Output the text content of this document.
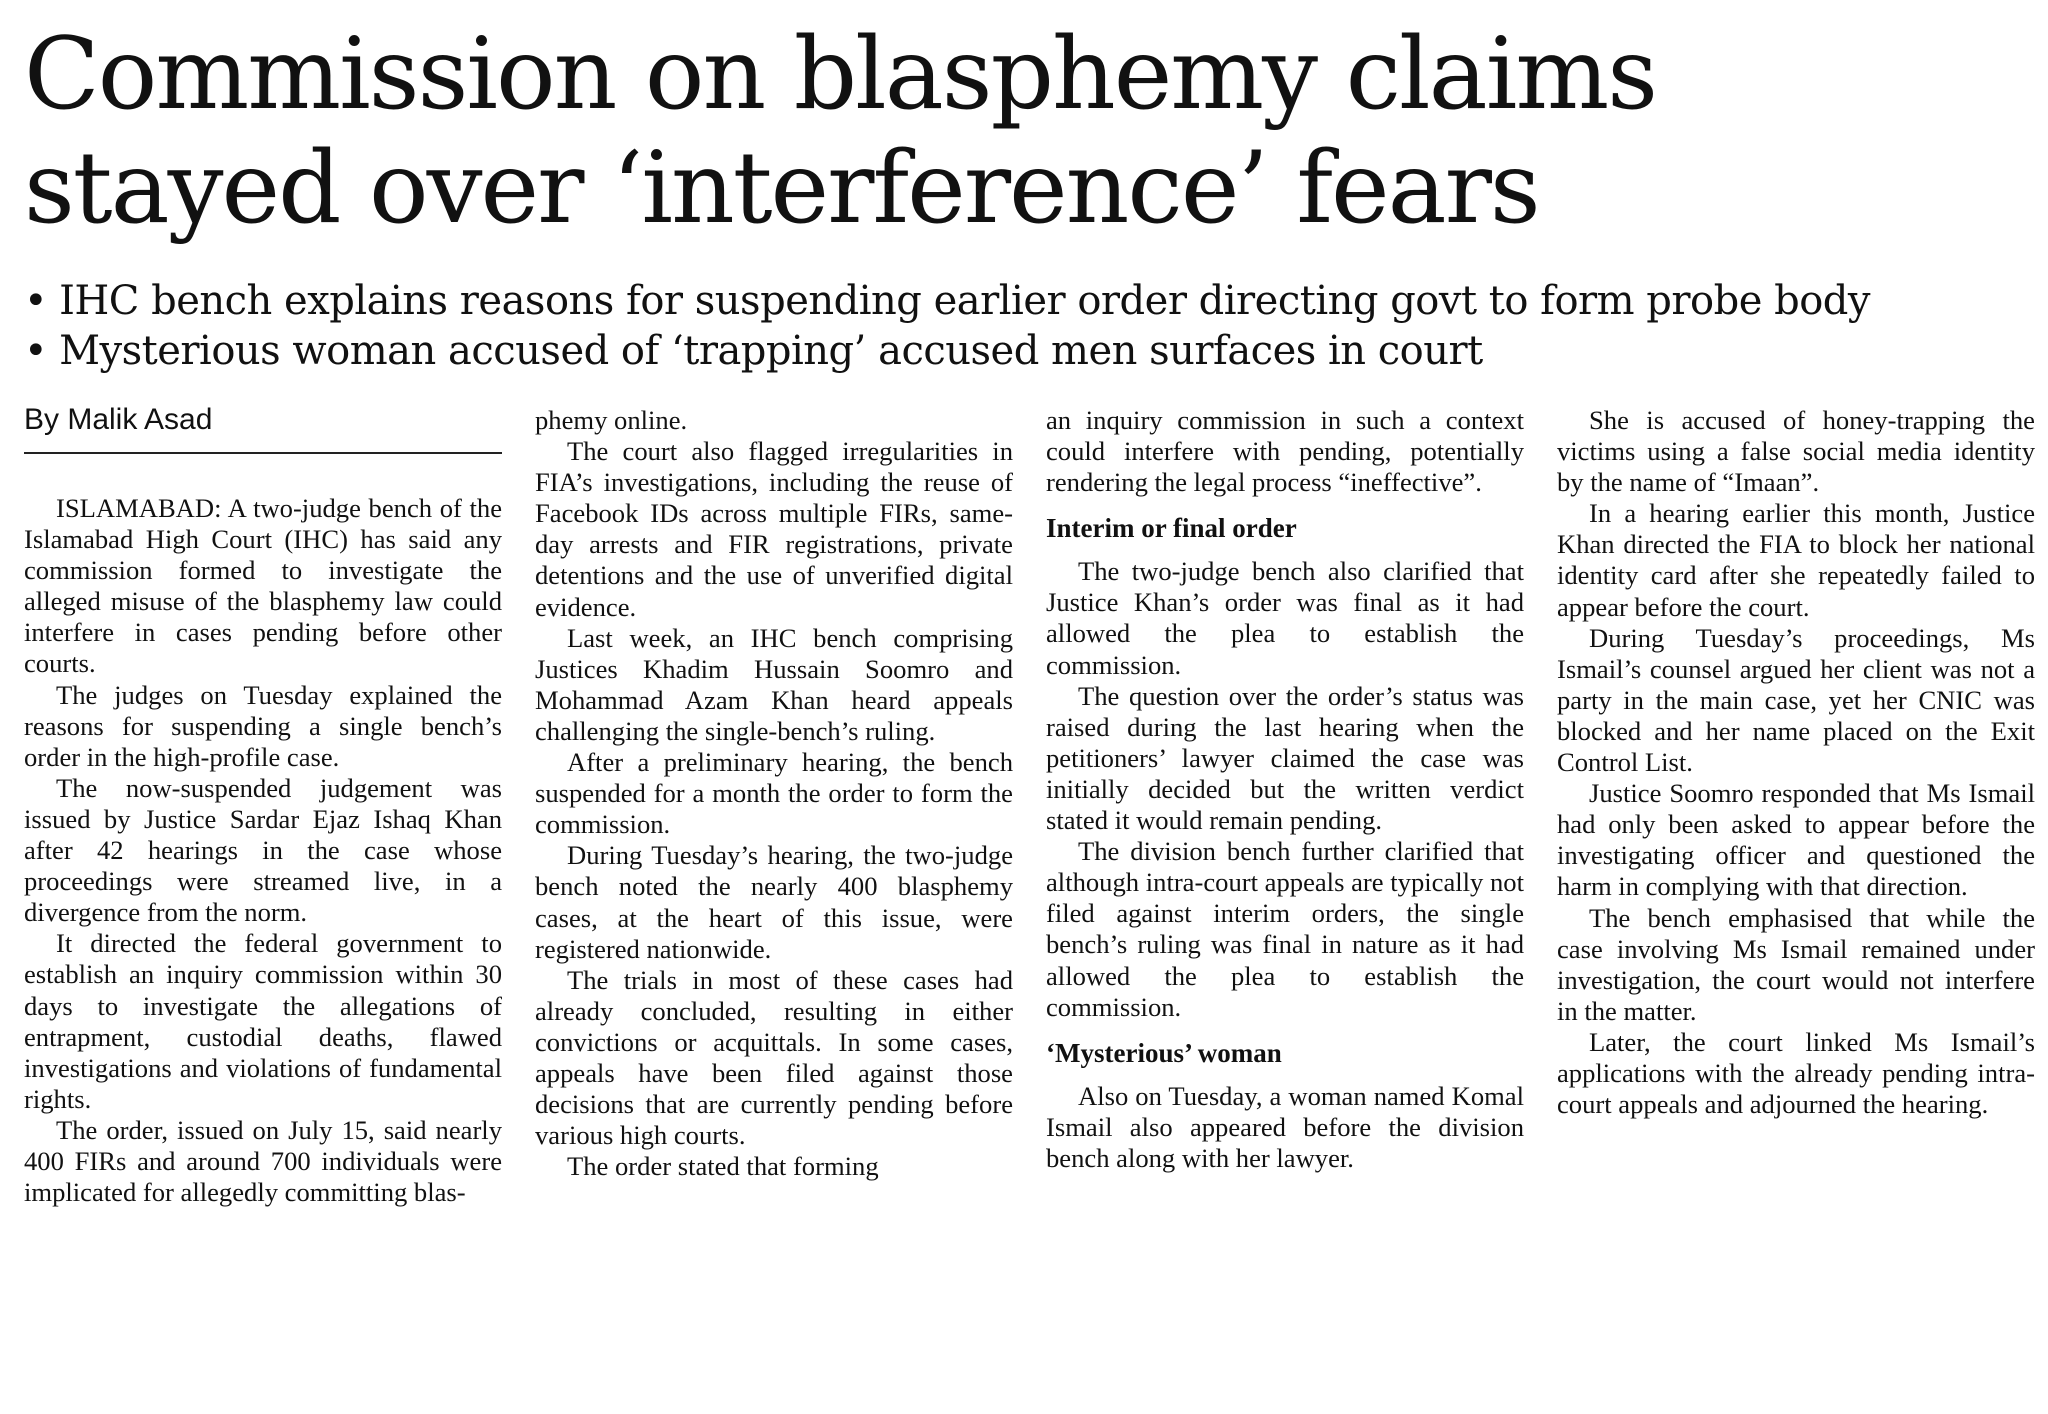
Commission on blasphemy claims
stayed over ‘interference’ fears
• IHC bench explains reasons for suspending earlier order directing govt to form probe body
• Mysterious woman accused of ‘trapping’ accused men surfaces in court
By Malik Asad

ISLAMABAD: A two-judge bench of the Islamabad High Court (IHC) has said any commission formed to investigate the alleged misuse of the blasphemy law could interfere in cases pending before other courts.

The judges on Tuesday explained the reasons for suspending a single bench’s order in the high-profile case.

The now-suspended judgement was issued by Justice Sardar Ejaz Ishaq Khan after 42 hearings in the case whose proceedings were streamed live, in a divergence from the norm.

It directed the federal government to establish an inquiry commission within 30 days to investigate the allegations of entrapment, custodial deaths, flawed investigations and violations of fundamental rights.

The order, issued on July 15, said nearly 400 FIRs and around 700 individuals were implicated for allegedly committing blas-

phemy online.

The court also flagged irregularities in FIA’s investigations, including the reuse of Facebook IDs across multiple FIRs, same-day arrests and FIR registrations, private detentions and the use of unverified digital evidence.

Last week, an IHC bench comprising Justices Khadim Hussain Soomro and Mohammad Azam Khan heard appeals challenging the single-bench’s ruling.

After a preliminary hearing, the bench suspended for a month the order to form the commission.

During Tuesday’s hearing, the two-judge bench noted the nearly 400 blasphemy cases, at the heart of this issue, were registered nationwide.

The trials in most of these cases had already concluded, resulting in either convictions or acquittals. In some cases, appeals have been filed against those decisions that are currently pending before various high courts.

The order stated that forming

an inquiry commission in such a context could interfere with pending, potentially rendering the legal process “ineffective”.

Interim or final order

The two-judge bench also clarified that Justice Khan’s order was final as it had allowed the plea to establish the commission.

The question over the order’s status was raised during the last hearing when the petitioners’ lawyer claimed the case was initially decided but the written verdict stated it would remain pending.

The division bench further clarified that although intra-court appeals are typically not filed against interim orders, the single bench’s ruling was final in nature as it had allowed the plea to establish the commission.

‘Mysterious’ woman

Also on Tuesday, a woman named Komal Ismail also appeared before the division bench along with her lawyer.

She is accused of honey-trapping the victims using a false social media identity by the name of “Imaan”.

In a hearing earlier this month, Justice Khan directed the FIA to block her national identity card after she repeatedly failed to appear before the court.

During Tuesday’s proceedings, Ms Ismail’s counsel argued her client was not a party in the main case, yet her CNIC was blocked and her name placed on the Exit Control List.

Justice Soomro responded that Ms Ismail had only been asked to appear before the investigating officer and questioned the harm in complying with that direction.

The bench emphasised that while the case involving Ms Ismail remained under investigation, the court would not interfere in the matter.

Later, the court linked Ms Ismail’s applications with the already pending intra-court appeals and adjourned the hearing.
